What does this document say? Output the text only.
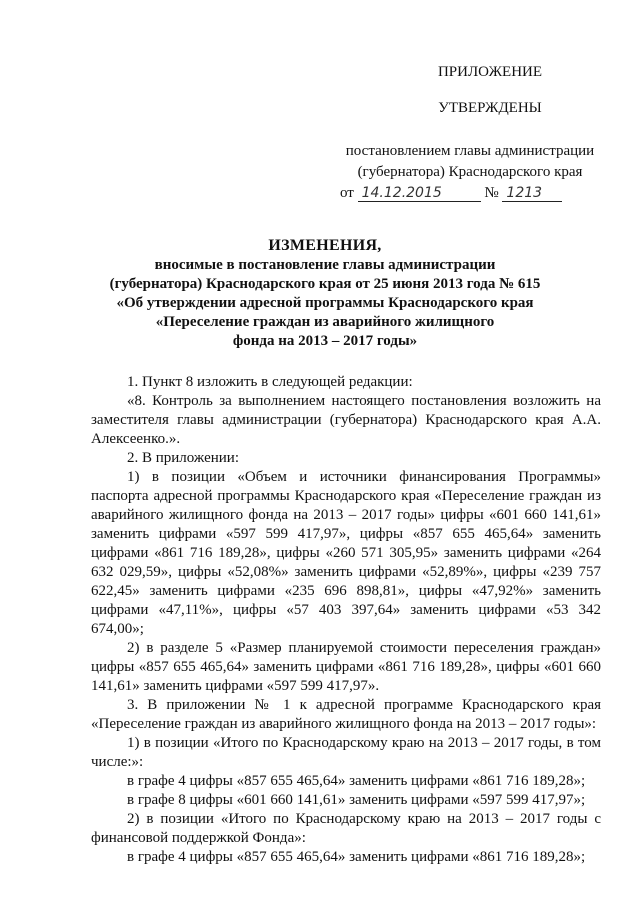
ПРИЛОЖЕНИЕ
УТВЕРЖДЕНЫ
постановлением главы администрации
(губернатора) Краснодарского края
от 14.12.2015	№ 1213
ИЗМЕНЕНИЯ,
вносимые в постановление главы администрации
(губернатора) Краснодарского края от 25 июня 2013 года № 615
«Об утверждении адресной программы Краснодарского края
«Переселение граждан из аварийного жилищного
фонда на 2013 – 2017 годы»

1. Пункт 8 изложить в следующей редакции:

«8. Контроль за выполнением настоящего постановления возложить на заместителя главы администрации (губернатора) Краснодарского края А.А. Алексеенко.».

2. В приложении:

1) в позиции «Объем и источники финансирования Программы» паспорта адресной программы Краснодарского края «Переселение граждан из аварийного жилищного фонда на 2013 – 2017 годы» цифры «601 660 141,61» заменить цифрами «597 599 417,97», цифры «857 655 465,64» заменить цифрами «861 716 189,28», цифры «260 571 305,95» заменить цифрами «264 632 029,59», цифры «52,08%» заменить цифрами «52,89%», цифры «239 757 622,45» заменить цифрами «235 696 898,81», цифры «47,92%» заменить цифрами «47,11%», цифры «57 403 397,64» заменить цифрами «53 342 674,00»;

2) в разделе 5 «Размер планируемой стоимости переселения граждан» цифры «857 655 465,64» заменить цифрами «861 716 189,28», цифры «601 660 141,61» заменить цифрами «597 599 417,97».

3. В приложении № 1 к адресной программе Краснодарского края «Переселение граждан из аварийного жилищного фонда на 2013 – 2017 годы»:

1) в позиции «Итого по Краснодарскому краю на 2013 – 2017 годы, в том числе:»:

в графе 4 цифры «857 655 465,64» заменить цифрами «861 716 189,28»;

в графе 8 цифры «601 660 141,61» заменить цифрами «597 599 417,97»;

2) в позиции «Итого по Краснодарскому краю на 2013 – 2017 годы с финансовой поддержкой Фонда»:

в графе 4 цифры «857 655 465,64» заменить цифрами «861 716 189,28»;
